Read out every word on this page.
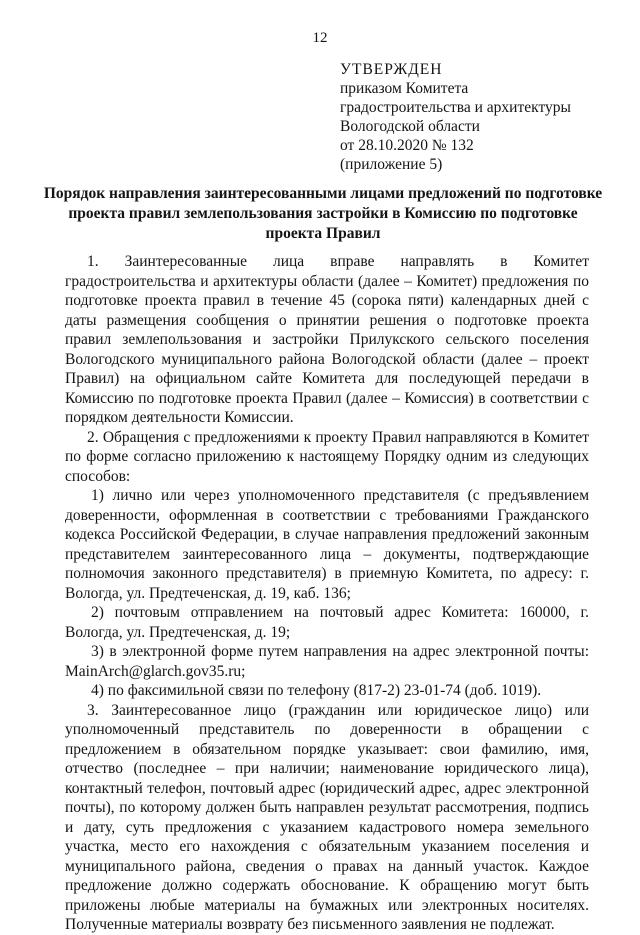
12
УТВЕРЖДЕН
приказом Комитета
градостроительства и архитектуры
Вологодской области
от 28.10.2020 № 132
(приложение 5)
Порядок направления заинтересованными лицами предложений по подготовке проекта правил землепользования застройки в Комиссию по подготовке проекта Правил

1. Заинтересованные лица вправе направлять в Комитет градостроительства и архитектуры области (далее – Комитет) предложения по подготовке проекта правил в течение 45 (сорока пяти) календарных дней с даты размещения сообщения о принятии решения о подготовке проекта правил землепользования и застройки Прилукского сельского поселения Вологодского муниципального района Вологодской области (далее – проект Правил) на официальном сайте Комитета для последующей передачи в Комиссию по подготовке проекта Правил (далее – Комиссия) в соответствии с порядком деятельности Комиссии.

2. Обращения с предложениями к проекту Правил направляются в Комитет по форме согласно приложению к настоящему Порядку одним из следующих способов:

1) лично или через уполномоченного представителя (с предъявлением доверенности, оформленная в соответствии с требованиями Гражданского кодекса Российской Федерации, в случае направления предложений законным представителем заинтересованного лица – документы, подтверждающие полномочия законного представителя) в приемную Комитета, по адресу: г. Вологда, ул. Предтеченская, д. 19, каб. 136;

2) почтовым отправлением на почтовый адрес Комитета: 160000, г. Вологда, ул. Предтеченская, д. 19;

3) в электронной форме путем направления на адрес электронной почты: MainArch@glarch.gov35.ru;

4) по факсимильной связи по телефону (817-2) 23-01-74 (доб. 1019).

3. Заинтересованное лицо (гражданин или юридическое лицо) или уполномоченный представитель по доверенности в обращении с предложением в обязательном порядке указывает: свои фамилию, имя, отчество (последнее – при наличии; наименование юридического лица), контактный телефон, почтовый адрес (юридический адрес, адрес электронной почты), по которому должен быть направлен результат рассмотрения, подпись и дату, суть предложения с указанием кадастрового номера земельного участка, место его нахождения с обязательным указанием поселения и муниципального района, сведения о правах на данный участок. Каждое предложение должно содержать обоснование. К обращению могут быть приложены любые материалы на бумажных или электронных носителях. Полученные материалы возврату без письменного заявления не подлежат.
